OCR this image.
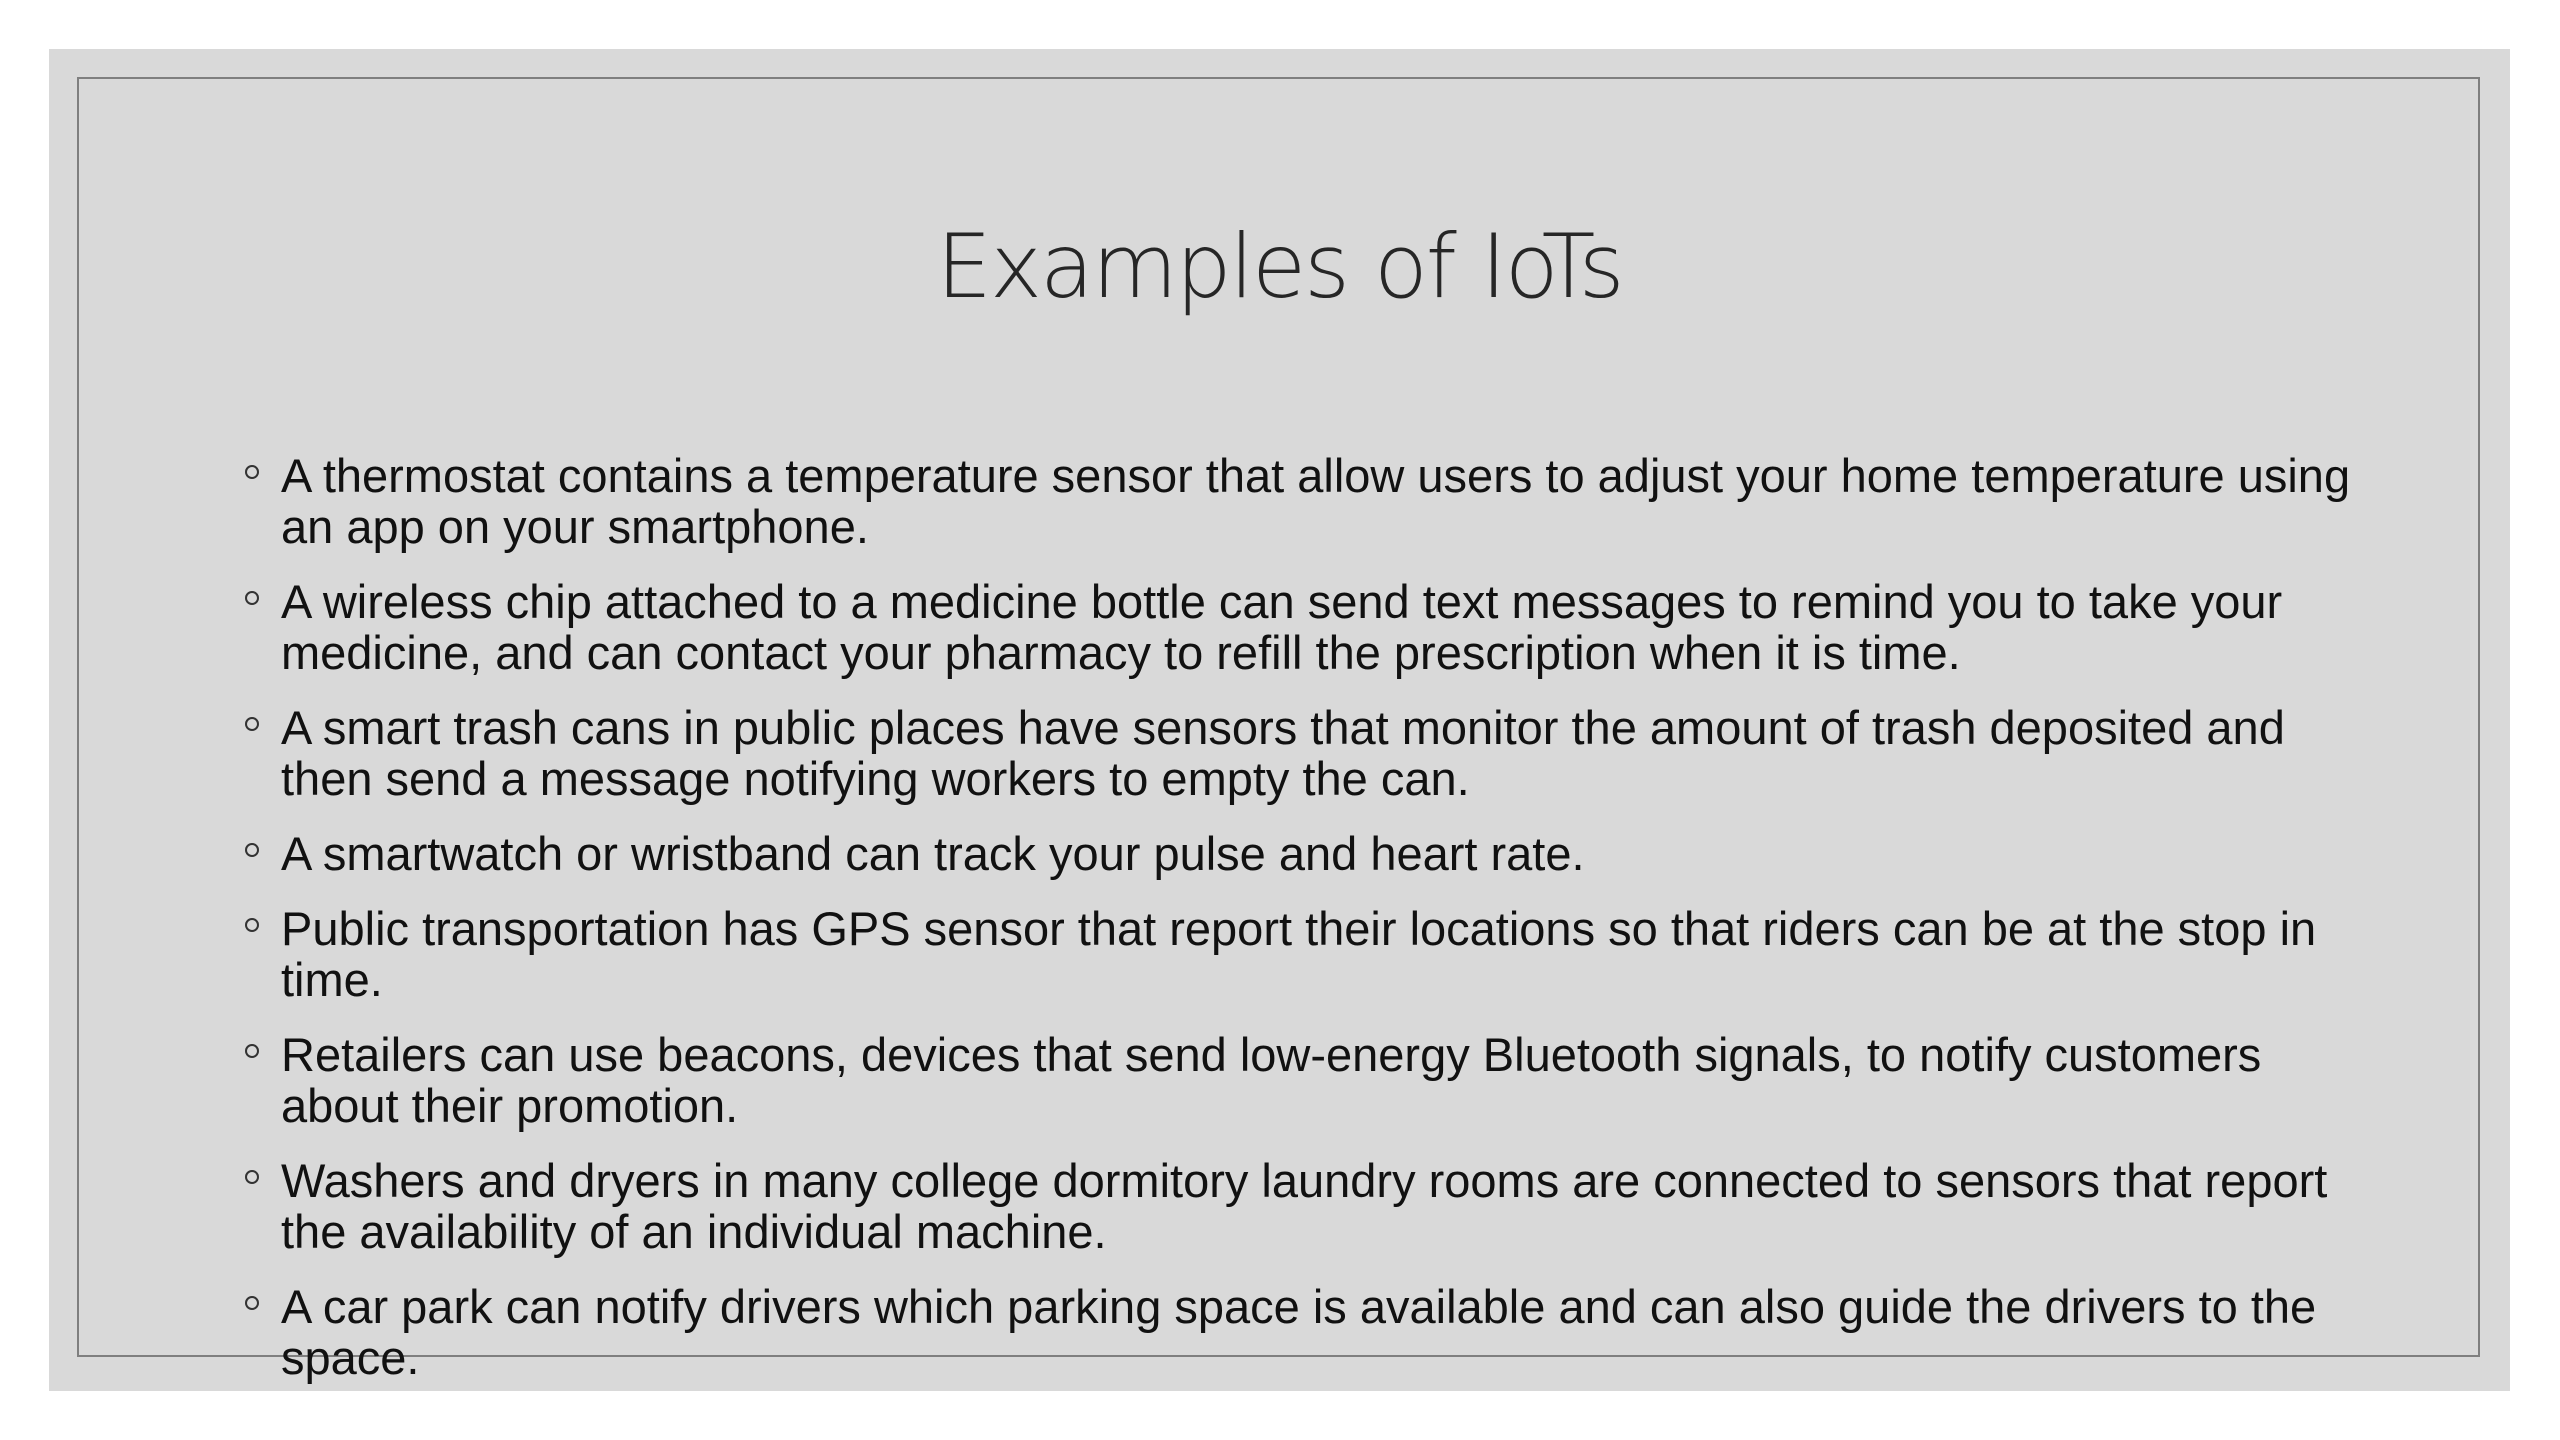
Examples of IoTs
A thermostat contains a temperature sensor that allow users to adjust your home temperature using an app on your smartphone.
A wireless chip attached to a medicine bottle can send text messages to remind you to take your medicine, and can contact your pharmacy to refill the prescription when it is time.
A smart trash cans in public places have sensors that monitor the amount of trash deposited and then send a message notifying workers to empty the can.
A smartwatch or wristband can track your pulse and heart rate.
Public transportation has GPS sensor that report their locations so that riders can be at the stop in time.
Retailers can use beacons, devices that send low-energy Bluetooth signals, to notify customers about their promotion.
Washers and dryers in many college dormitory laundry rooms are connected to sensors that report the availability of an individual machine.
A car park can notify drivers which parking space is available and can also guide the drivers to the space.
